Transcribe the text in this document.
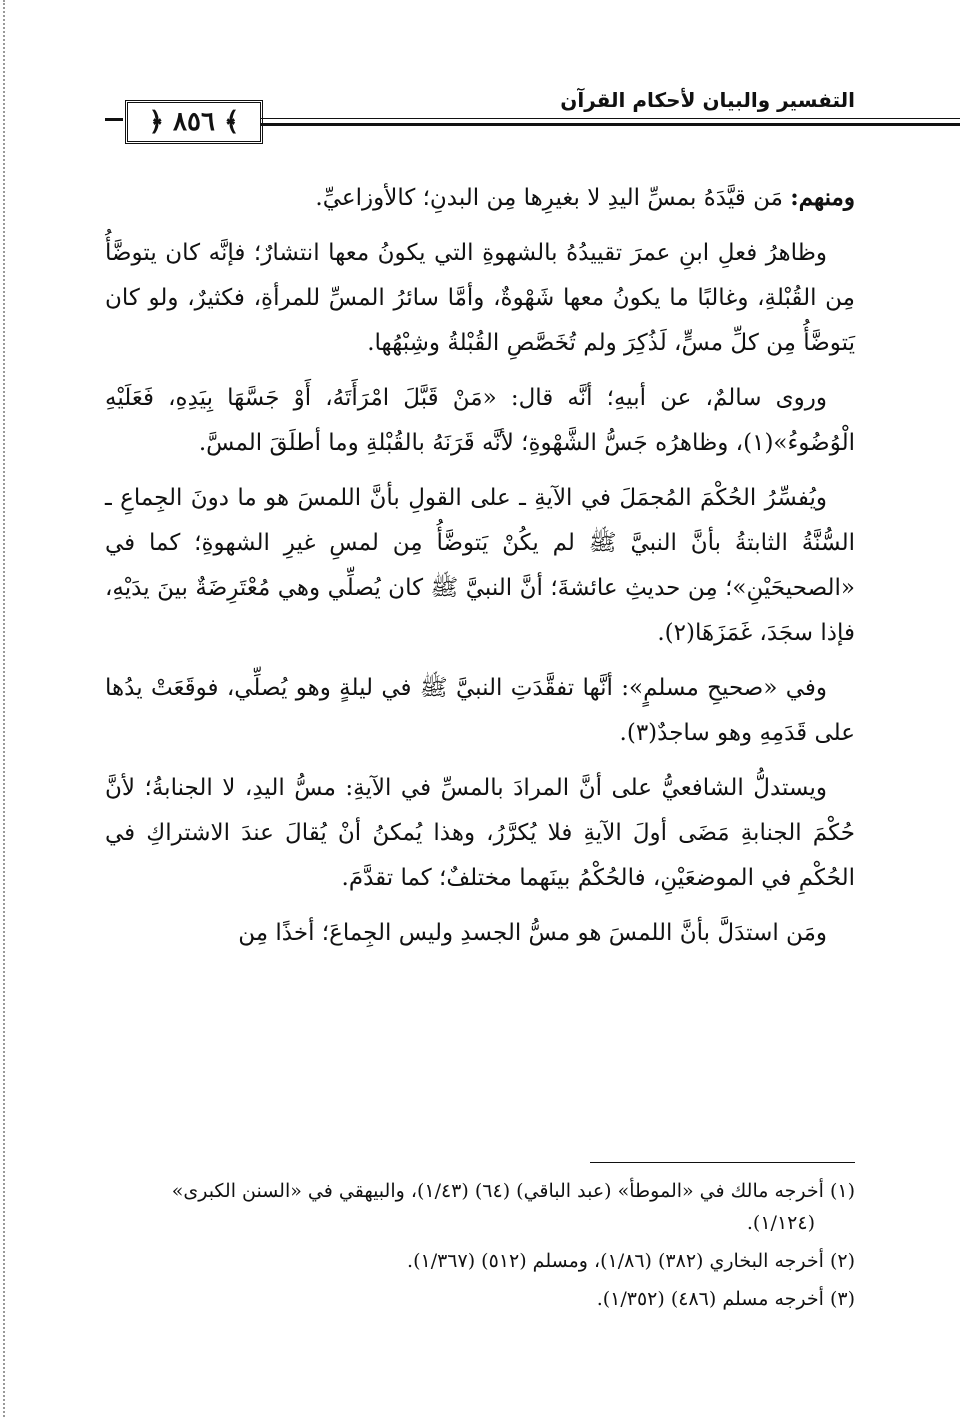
﴿ ٨٥٦ ﴾
التفسير والبيان لأحكام القرآن

ومنهم: مَن قيَّدَهُ بمسِّ اليدِ لا بغيرِها مِن البدنِ؛ كالأوزاعيِّ.

وظاهرُ فعلِ ابنِ عمرَ تقييدُهُ بالشهوةِ التي يكونُ معها انتشارٌ؛ فإنَّه كان يتوضَّأُ مِن القُبْلةِ، وغالبًا ما يكونُ معها شَهْوةٌ، وأمَّا سائرُ المسِّ للمرأةِ، فكثيرٌ، ولو كان يَتوضَّأُ مِن كلِّ مسٍّ، لَذُكِرَ ولم تُخَصَّصِ القُبْلةُ وشِبْهُها.

وروى سالمٌ، عن أبيهِ؛ أنَّه قال: «مَنْ قَبَّلَ امْرَأَتَهُ، أَوْ جَسَّهَا بِيَدِهِ، فَعَلَيْهِ الْوُضُوءُ»(١)، وظاهرُه جَسُّ الشَّهْوةِ؛ لأنَّه قَرَنَهُ بالقُبْلةِ وما أطلَقَ المسَّ.

ويُفسِّرُ الحُكْمَ المُجمَلَ في الآيةِ ـ على القولِ بأنَّ اللمسَ هو ما دونَ الجِماعِ ـ السُّنَّةُ الثابتةُ بأنَّ النبيَّ ﷺ لم يكُنْ يَتوضَّأُ مِن لمسِ غيرِ الشهوةِ؛ كما في «الصحيحَيْنِ»؛ مِن حديثِ عائشةَ؛ أنَّ النبيَّ ﷺ كان يُصلِّي وهي مُعْتَرِضَةٌ بينَ يدَيْهِ، فإذا سجَدَ، غَمَزَهَا(٢).

وفي «صحيحِ مسلمٍ»: أنَّها تفقَّدَتِ النبيَّ ﷺ في ليلةٍ وهو يُصلِّي، فوقَعَتْ يدُها على قَدَمِهِ وهو ساجدٌ(٣).

ويستدلُّ الشافعيُّ على أنَّ المرادَ بالمسِّ في الآيةِ: مسُّ اليدِ، لا الجنابةُ؛ لأنَّ حُكْمَ الجنابةِ مَضَى أولَ الآيةِ فلا يُكرَّرُ، وهذا يُمكنُ أنْ يُقالَ عندَ الاشتراكِ في الحُكْمِ في الموضعَيْنِ، فالحُكْمُ بينَهما مختلفٌ؛ كما تقدَّمَ.

ومَن استدَلَّ بأنَّ اللمسَ هو مسُّ الجسدِ وليس الجِماعَ؛ أخذًا مِن

(١) أخرجه مالك في «الموطأ» (عبد الباقي) (٦٤) (١/٤٣)، والبيهقي في «السنن الكبرى»
(١/١٢٤).
(٢) أخرجه البخاري (٣٨٢) (١/٨٦)، ومسلم (٥١٢) (١/٣٦٧).
(٣) أخرجه مسلم (٤٨٦) (١/٣٥٢).
